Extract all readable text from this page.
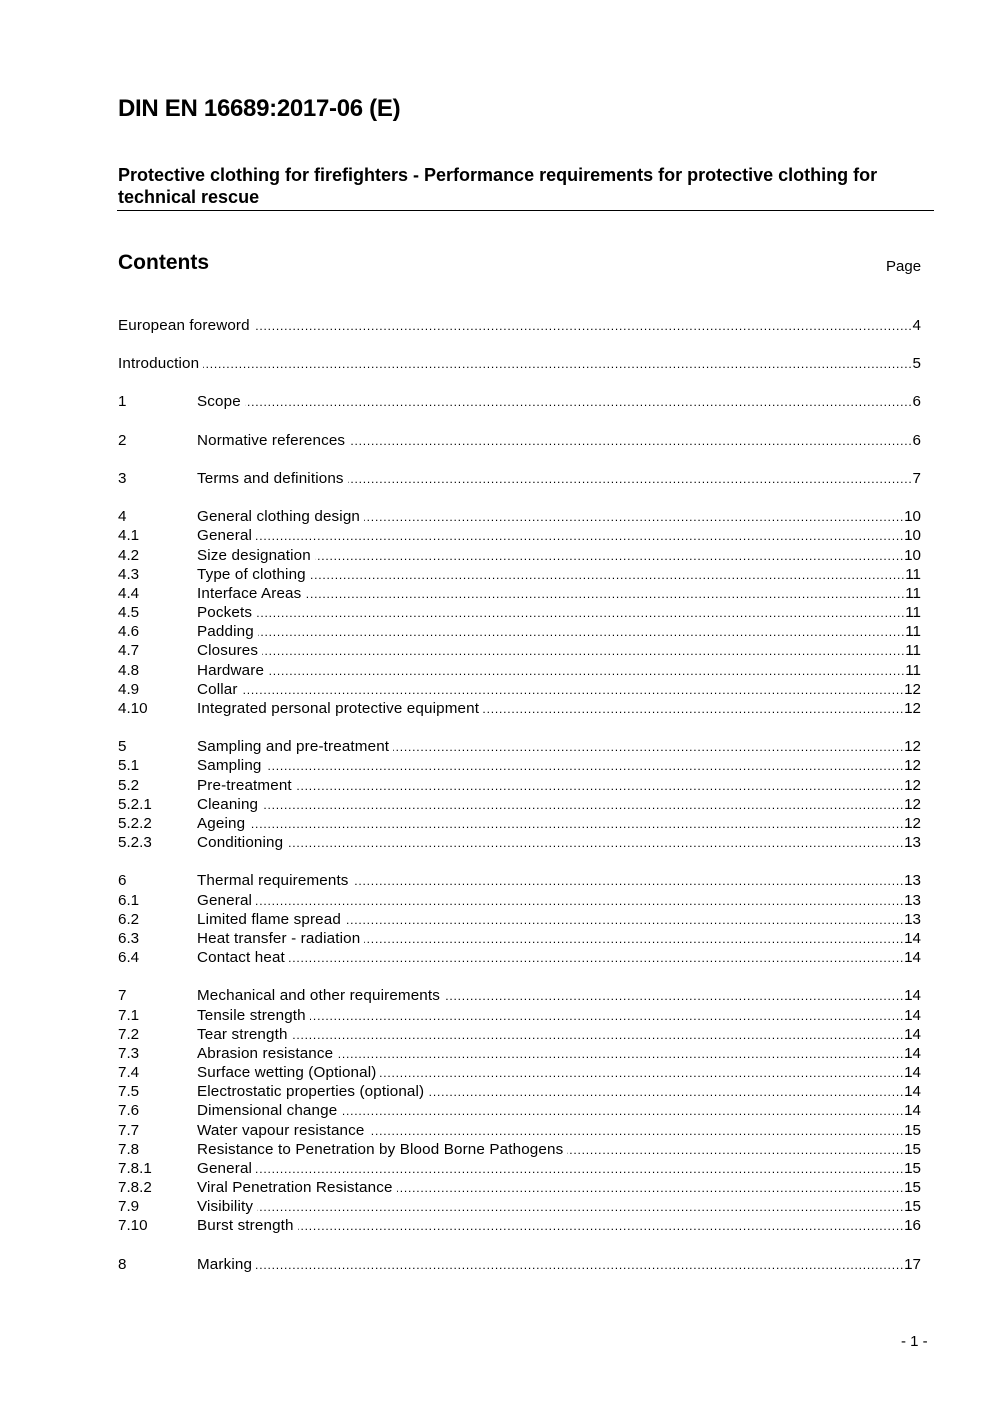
DIN EN 16689:2017-06 (E)
Protective clothing for firefighters - Performance requirements for protective clothing for technical rescue
Contents	Page
European foreword .....	4
Introduction .....	5
1	Scope .....	6
2	Normative references .....	6
3	Terms and definitions .....	7
4	General clothing design .....	10
4.1	General .....	10
4.2	Size designation .....	10
4.3	Type of clothing .....	11
4.4	Interface Areas .....	11
4.5	Pockets .....	11
4.6	Padding .....	11
4.7	Closures .....	11
4.8	Hardware .....	11
4.9	Collar .....	12
4.10	Integrated personal protective equipment .....	12
5	Sampling and pre-treatment .....	12
5.1	Sampling .....	12
5.2	Pre-treatment .....	12
5.2.1	Cleaning .....	12
5.2.2	Ageing .....	12
5.2.3	Conditioning .....	13
6	Thermal requirements .....	13
6.1	General .....	13
6.2	Limited flame spread .....	13
6.3	Heat transfer - radiation .....	14
6.4	Contact heat .....	14
7	Mechanical and other requirements .....	14
7.1	Tensile strength .....	14
7.2	Tear strength .....	14
7.3	Abrasion resistance .....	14
7.4	Surface wetting (Optional) .....	14
7.5	Electrostatic properties (optional) .....	14
7.6	Dimensional change .....	14
7.7	Water vapour resistance .....	15
7.8	Resistance to Penetration by Blood Borne Pathogens .....	15
7.8.1	General .....	15
7.8.2	Viral Penetration Resistance .....	15
7.9	Visibility .....	15
7.10	Burst strength .....	16
8	Marking .....	17
- 1 -
